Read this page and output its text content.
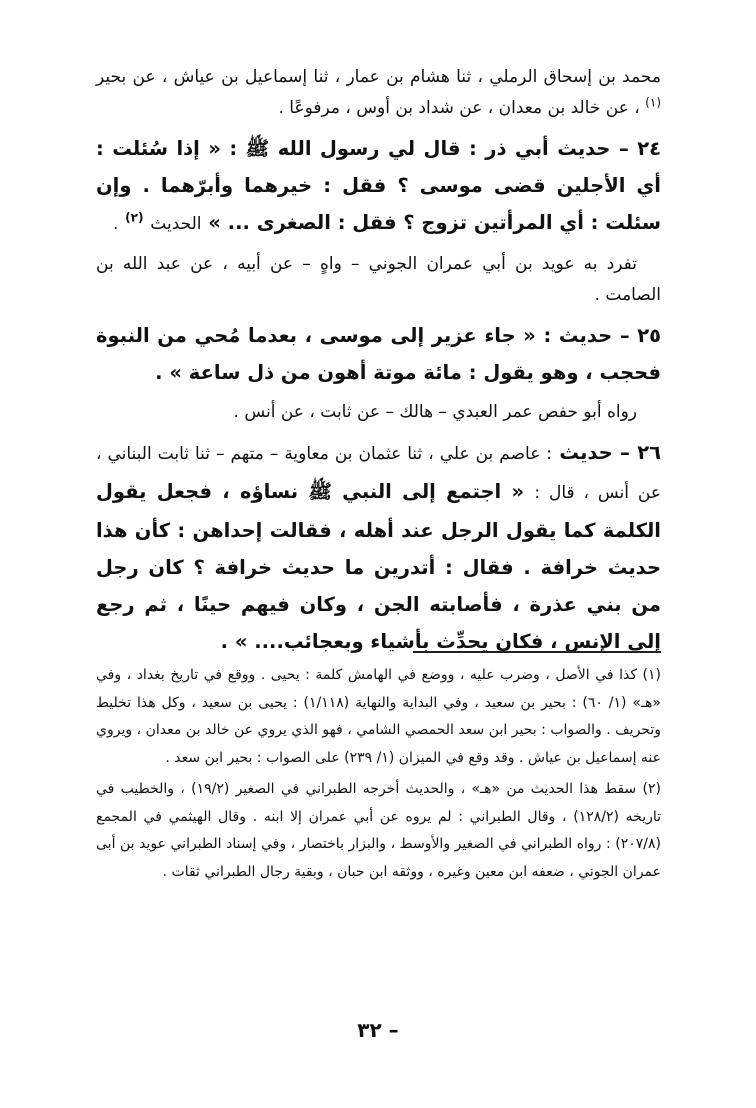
محمد بن إسحاق الرملي ، ثنا هشام بن عمار ، ثنا إسماعيل بن عياش ، عن بحير $^{(١)}$ ، عن خالد بن معدان ، عن شداد بن أوس ، مرفوعًا .

٢٤ – حديث أبي ذر : قال لي رسول الله ﷺ : « إذا سُئلت : أي الأجلين قضى موسى ؟ فقل : خيرهما وأبرّهما . وإن سئلت : أي المرأتين تزوج ؟ فقل : الصغرى ... » الحديث $^{(٢)}$ .

تفرد به عويد بن أبي عمران الجوني – واهٍ – عن أبيه ، عن عبد الله بن الصامت .

٢٥ – حديث : « جاء عزير إلى موسى ، بعدما مُحي من النبوة فحجب ، وهو يقول : مائة موتة أهون من ذل ساعة » .

رواه أبو حفص عمر العبدي – هالك – عن ثابت ، عن أنس .

٢٦ – حديث : عاصم بن علي ، ثنا عثمان بن معاوية – متهم – ثنا ثابت البناني ، عن أنس ، قال : « اجتمع إلى النبي ﷺ نساؤه ، فجعل يقول الكلمة كما يقول الرجل عند أهله ، فقالت إحداهن : كأن هذا حديث خرافة . فقال : أتدرين ما حديث خرافة ؟ كان رجل من بني عذرة ، فأصابته الجن ، وكان فيهم حينًا ، ثم رجع إلى الإنس ، فكان يحدِّث بأشياء وبعجائب.... » .

(١) كذا في الأصل ، وضرب عليه ، ووضع في الهامش كلمة : يحيى . ووقع في تاريخ بغداد ، وفي «هـ» (١/ ٦٠) : بحير بن سعيد ، وفي البداية والنهاية (١/١١٨) : يحيى بن سعيد ، وكل هذا تخليط وتحريف . والصواب : بحير ابن سعد الحمصي الشامي ، فهو الذي يروي عن خالد بن معدان ، ويروي عنه إسماعيل بن عياش . وقد وقع في الميزان (١/ ٢٣٩) على الصواب : بحير ابن سعد .

(٢) سقط هذا الحديث من «هـ» ، والحديث أخرجه الطبراني في الصغير (١٩/٢) ، والخطيب في تاريخه (١٢٨/٢) ، وقال الطبراني : لم يروه عن أبي عمران إلا ابنه . وقال الهيثمي في المجمع (٢٠٧/٨) : رواه الطبراني في الصغير والأوسط ، والبزار باختصار ، وفي إسناد الطبراني عويد بن أبى عمران الجوني ، ضعفه ابن معين وغيره ، ووثقه ابن حبان ، وبقية رجال الطبراني ثقات .

– ٣٢
